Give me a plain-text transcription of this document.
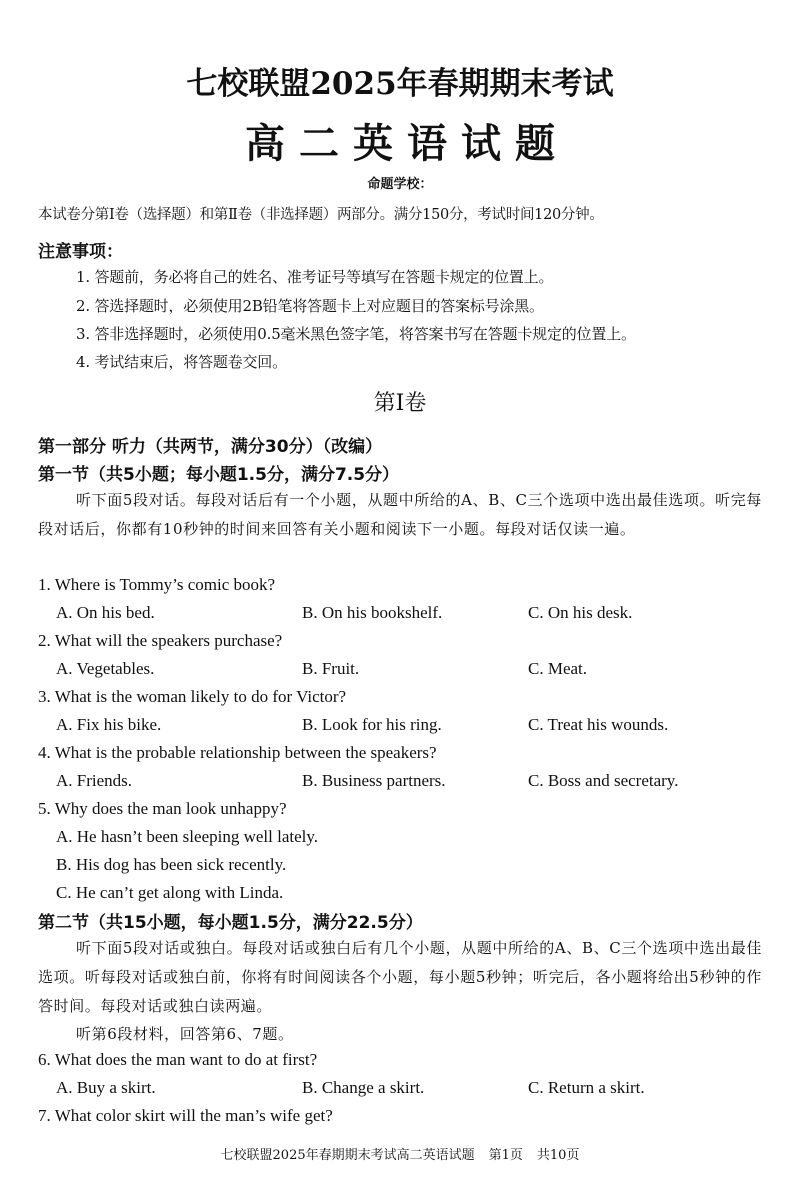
七校联盟2025年春期期末考试
高二英语试题
命题学校：
本试卷分第Ⅰ卷（选择题）和第Ⅱ卷（非选择题）两部分。满分150分，考试时间120分钟。
注意事项：
1. 答题前，务必将自己的姓名、准考证号等填写在答题卡规定的位置上。
2. 答选择题时，必须使用2B铅笔将答题卡上对应题目的答案标号涂黑。
3. 答非选择题时，必须使用0.5毫米黑色签字笔，将答案书写在答题卡规定的位置上。
4. 考试结束后，将答题卷交回。
第I卷
第一部分 听力（共两节，满分30分）（改编）
第一节（共5小题；每小题1.5分，满分7.5分）
听下面5段对话。每段对话后有一个小题，从题中所给的A、B、C三个选项中选出最佳选项。听完每段对话后，你都有10秒钟的时间来回答有关小题和阅读下一小题。每段对话仅读一遍。
1. Where is Tommy’s comic book?
A. On his bed.	B. On his bookshelf.	C. On his desk.
2. What will the speakers purchase?
A. Vegetables.	B. Fruit.	C. Meat.
3. What is the woman likely to do for Victor?
A. Fix his bike.	B. Look for his ring.	C. Treat his wounds.
4. What is the probable relationship between the speakers?
A. Friends.	B. Business partners.	C. Boss and secretary.
5. Why does the man look unhappy?
A. He hasn’t been sleeping well lately.
B. His dog has been sick recently.
C. He can’t get along with Linda.
第二节（共15小题，每小题1.5分，满分22.5分）
听下面5段对话或独白。每段对话或独白后有几个小题，从题中所给的A、B、C三个选项中选出最佳选项。听每段对话或独白前，你将有时间阅读各个小题，每小题5秒钟；听完后，各小题将给出5秒钟的作答时间。每段对话或独白读两遍。
听第6段材料，回答第6、7题。
6. What does the man want to do at first?
A. Buy a skirt.	B. Change a skirt.	C. Return a skirt.
7. What color skirt will the man’s wife get?
七校联盟2025年春期期末考试高二英语试题 第1页 共10页
